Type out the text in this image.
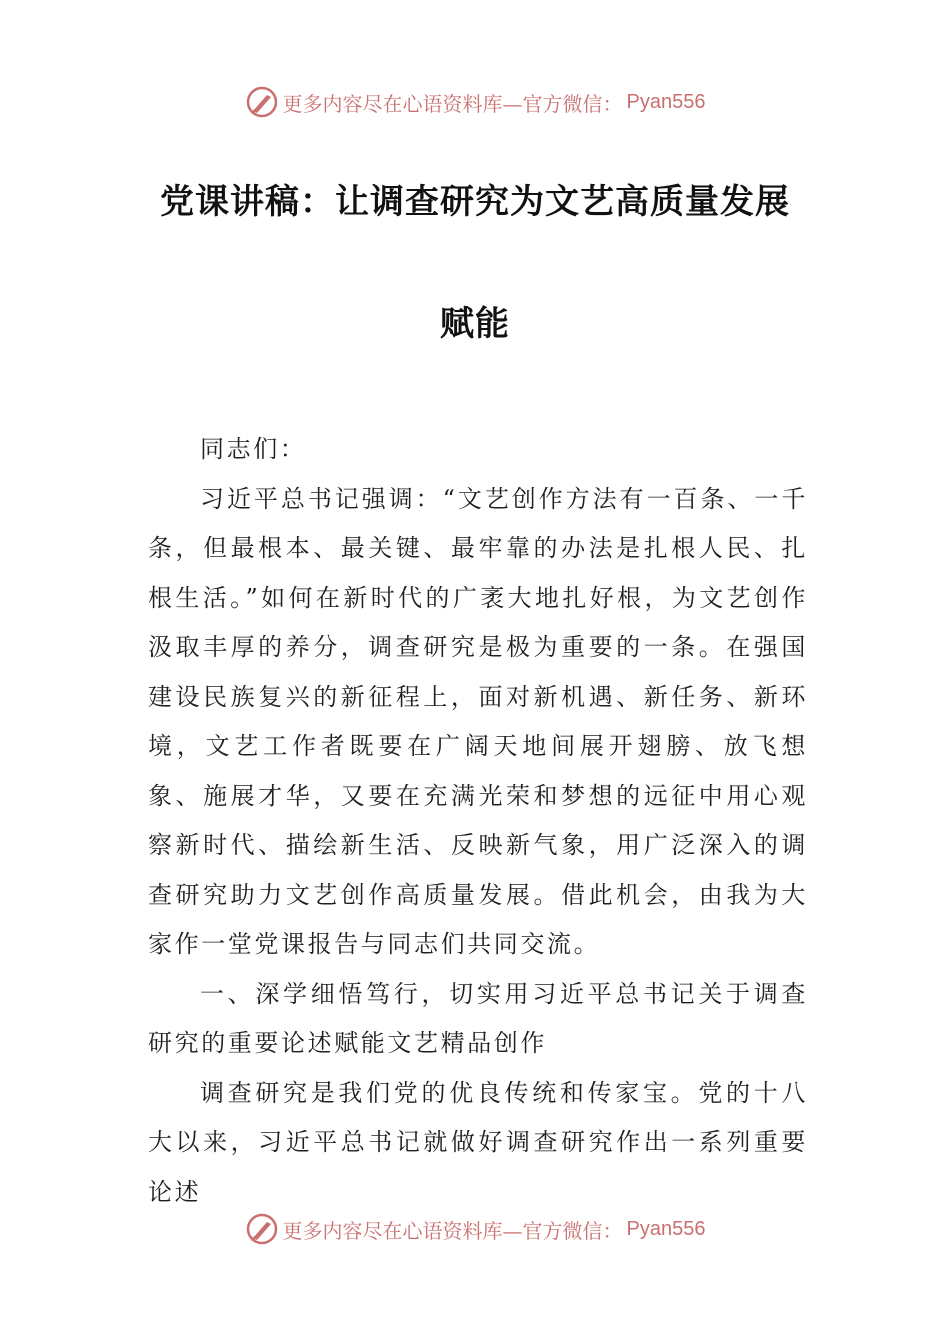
更多内容尽在心语资料库—官方微信： Pyan556
党课讲稿：让调查研究为文艺高质量发展
赋能

同志们：

习近平总书记强调：“文艺创作方法有一百条、一千条，但最根本、最关键、最牢靠的办法是扎根人民、扎根生活。”如何在新时代的广袤大地扎好根，为文艺创作汲取丰厚的养分，调查研究是极为重要的一条。在强国建设民族复兴的新征程上，面对新机遇、新任务、新环境，文艺工作者既要在广阔天地间展开翅膀、放飞想象、施展才华，又要在充满光荣和梦想的远征中用心观察新时代、描绘新生活、反映新气象，用广泛深入的调查研究助力文艺创作高质量发展。借此机会，由我为大家作一堂党课报告与同志们共同交流。

一、深学细悟笃行，切实用习近平总书记关于调查研究的重要论述赋能文艺精品创作

调查研究是我们党的优良传统和传家宝。党的十八大以来，习近平总书记就做好调查研究作出一系列重要论述

更多内容尽在心语资料库—官方微信： Pyan556
